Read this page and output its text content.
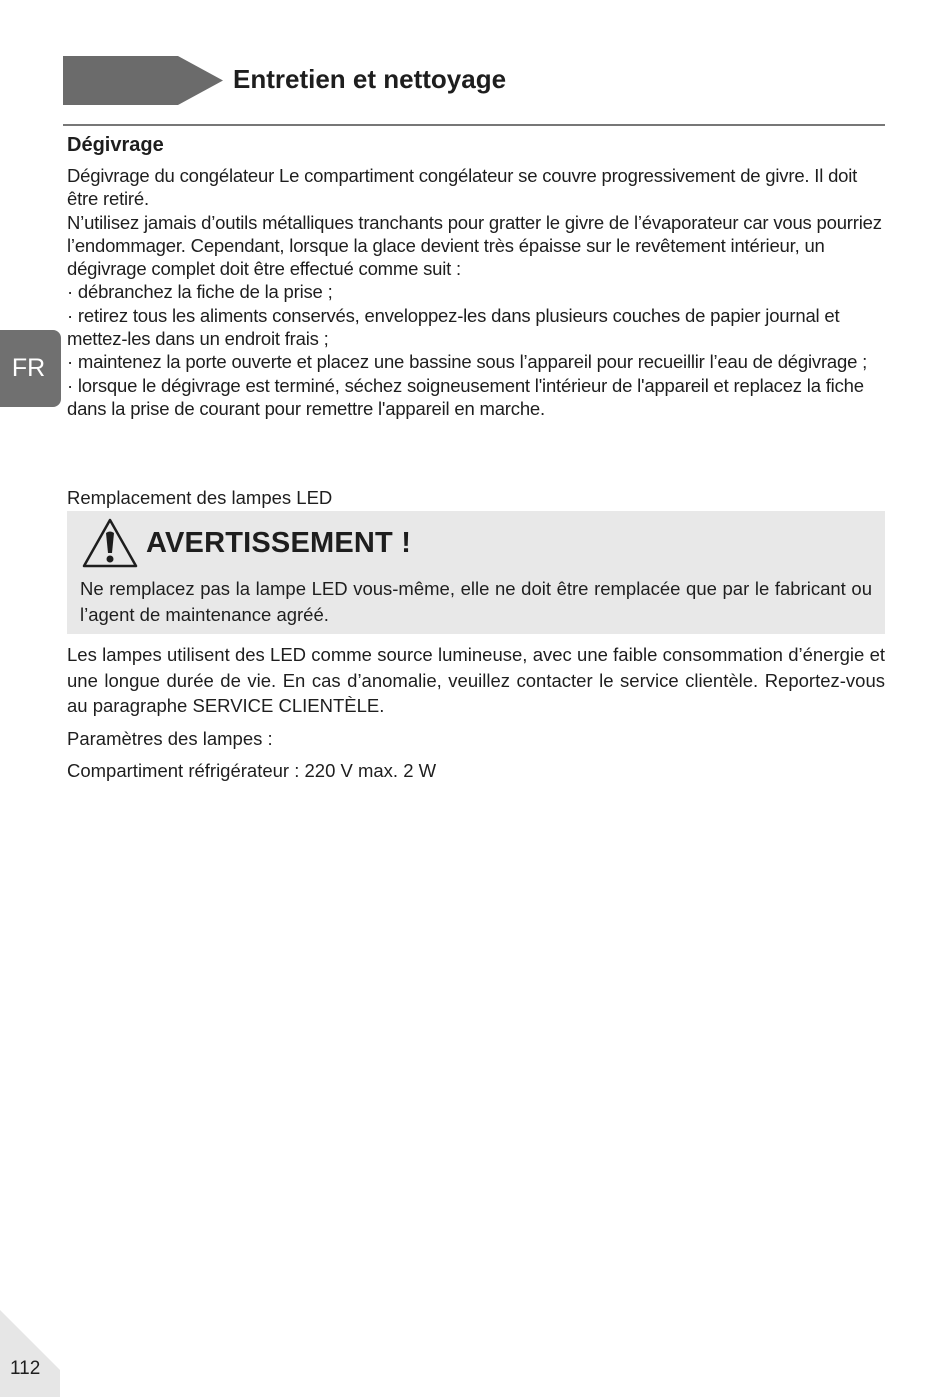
Entretien et nettoyage
FR
Dégivrage

Dégivrage du congélateur Le compartiment congélateur se couvre progressivement de givre. Il doit être retiré.

N’utilisez jamais d’outils métalliques tranchants pour gratter le givre de l’évaporateur car vous pourriez l’endommager. Cependant, lorsque la glace devient très épaisse sur le revêtement intérieur, un dégivrage complet doit être effectué comme suit :

· débranchez la fiche de la prise ;

· retirez tous les aliments conservés, enveloppez-les dans plusieurs couches de papier journal et mettez-les dans un endroit frais ;

· maintenez la porte ouverte et placez une bassine sous l’appareil pour recueillir l’eau de dégivrage ;

· lorsque le dégivrage est terminé, séchez soigneusement l'intérieur de l'appareil et replacez la fiche dans la prise de courant pour remettre l'appareil en marche.

Remplacement des lampes LED
AVERTISSEMENT !

Ne remplacez pas la lampe LED vous-même, elle ne doit être remplacée que par le fabricant ou l’agent de maintenance agréé.

Les lampes utilisent des LED comme source lumineuse, avec une faible consommation d’énergie et une longue durée de vie. En cas d’anomalie, veuillez contacter le service clientèle. Reportez-vous au paragraphe SERVICE CLIENTÈLE.

Paramètres des lampes :

Compartiment réfrigérateur : 220 V max. 2 W

112
